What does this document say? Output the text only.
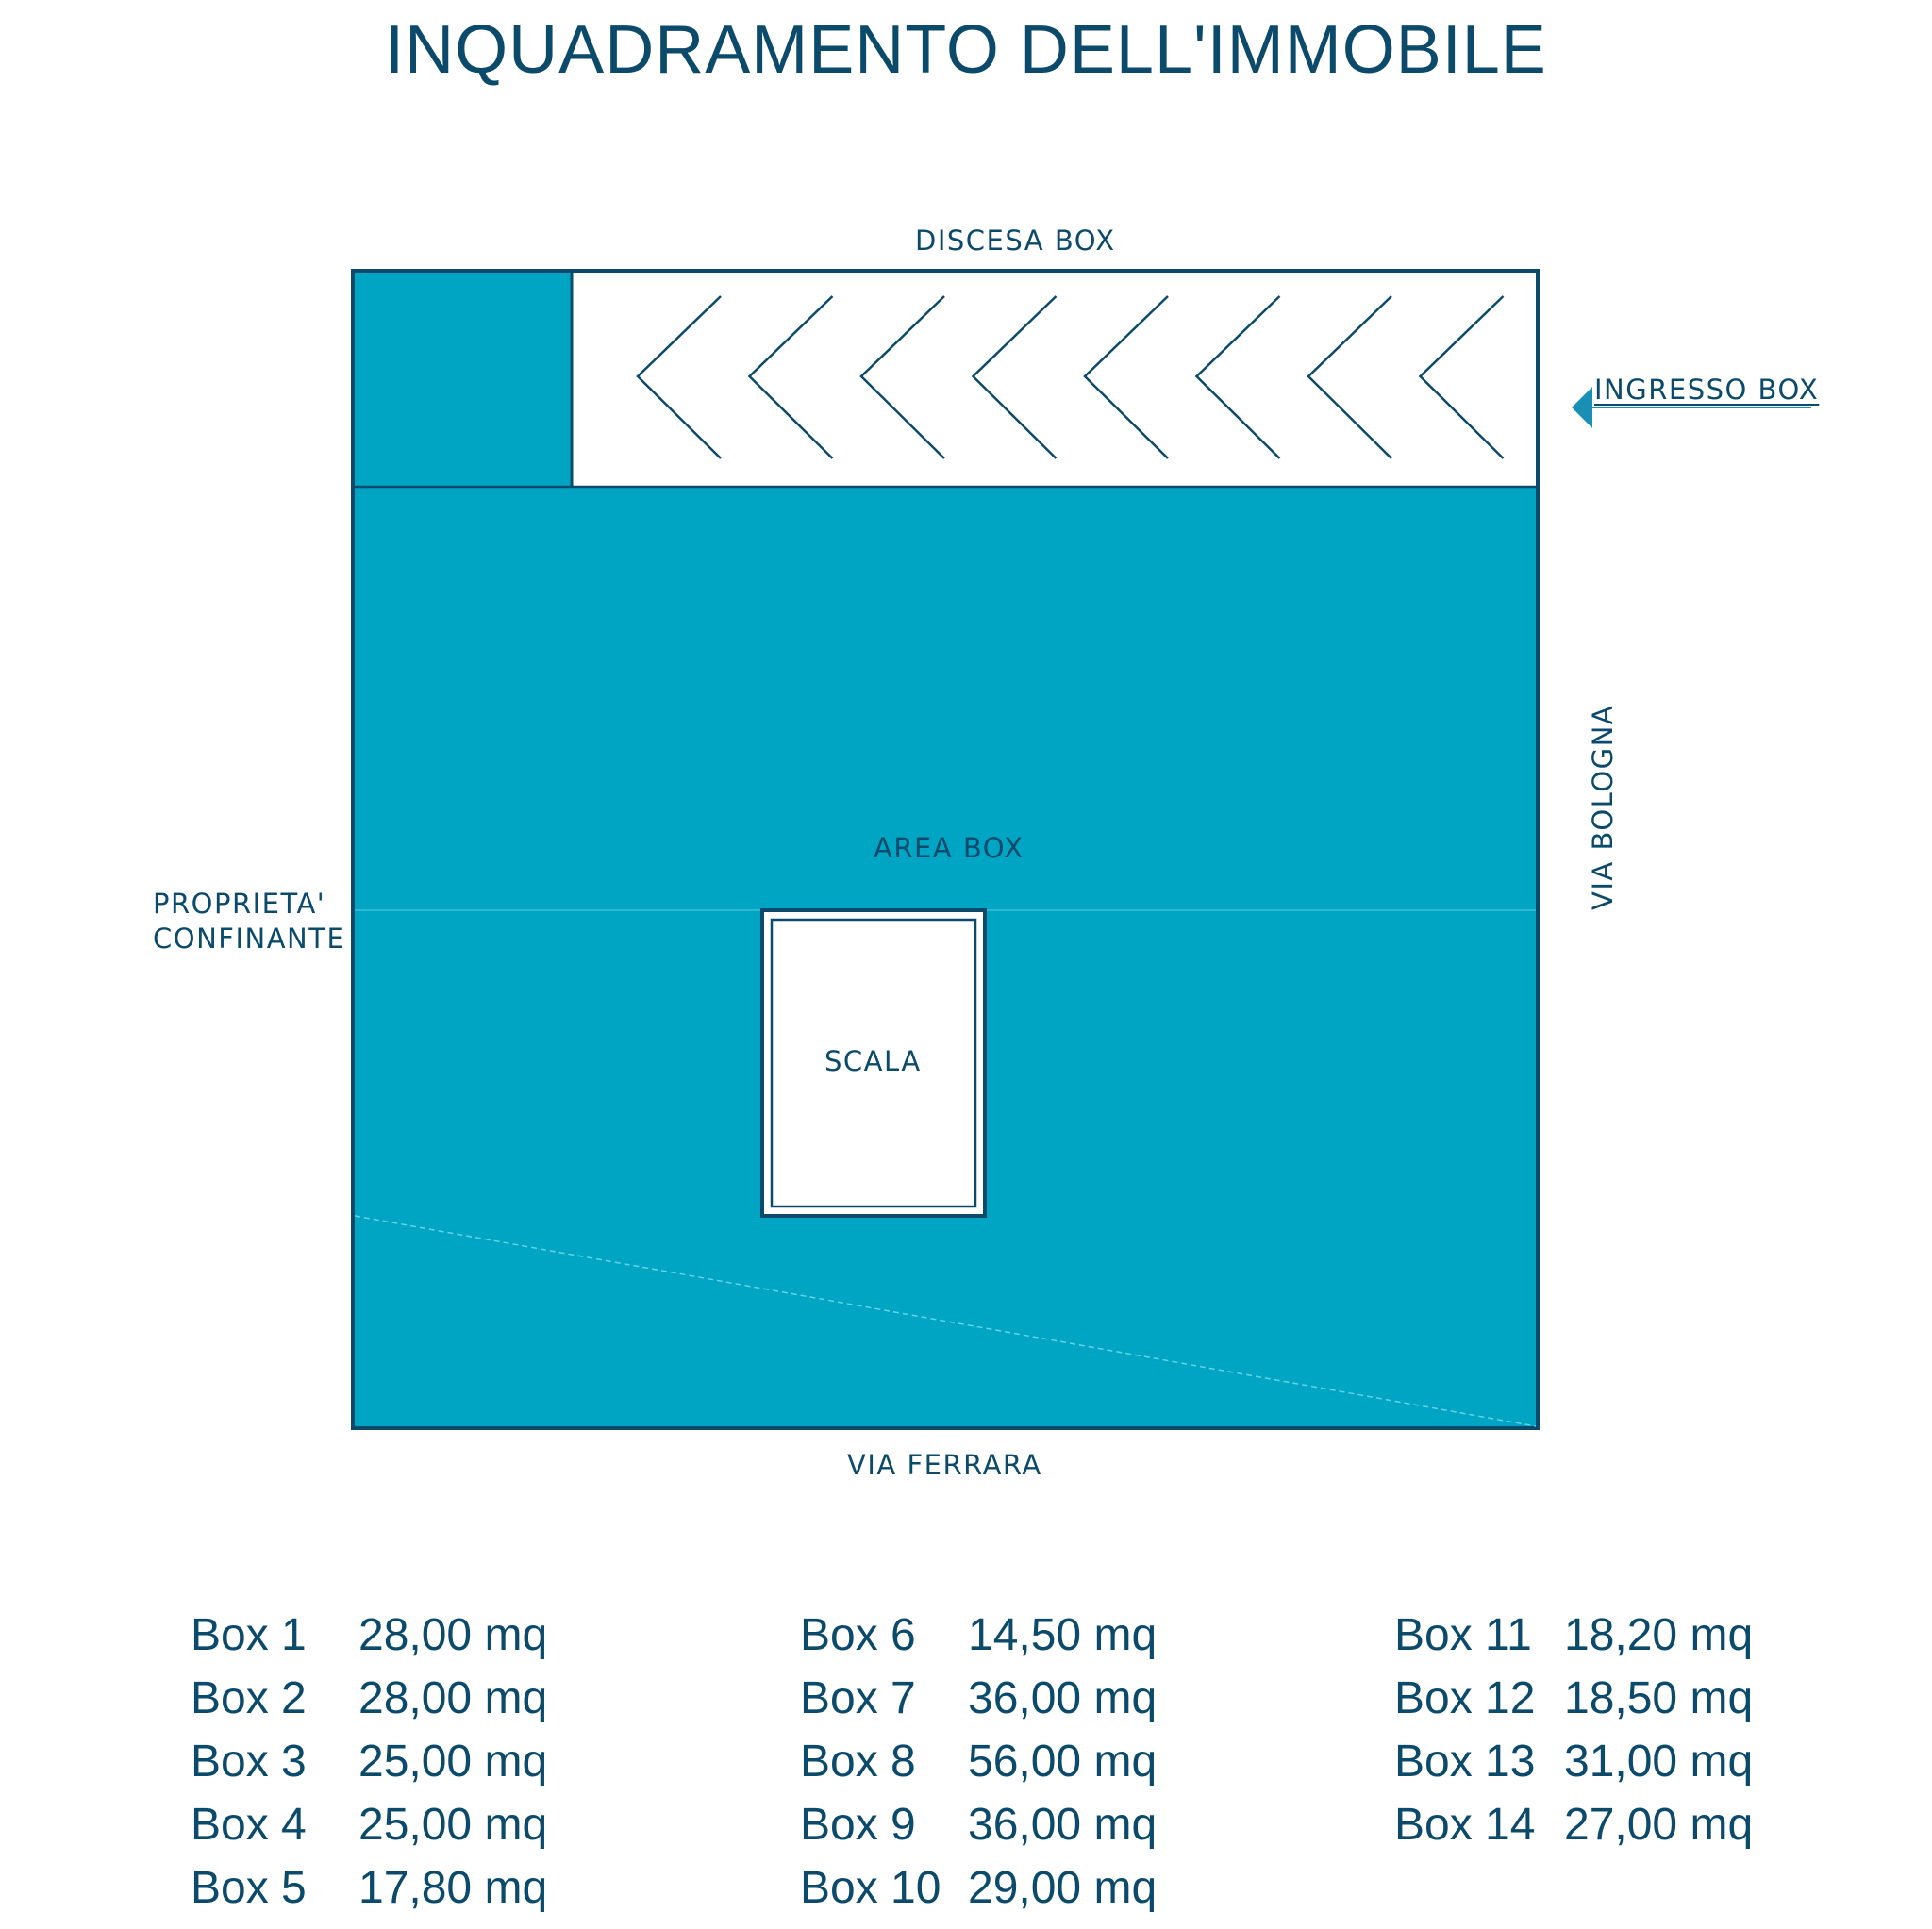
INQUADRAMENTO DELL'IMMOBILE
DISCESA BOX
INGRESSO BOX
AREA BOX
PROPRIETA'
CONFINANTE
SCALA
VIA FERRARA
VIA BOLOGNA
Box 1 28,00 mq
Box 2 28,00 mq
Box 3 25,00 mq
Box 4 25,00 mq
Box 5 17,80 mq
Box 6 14,50 mq
Box 7 36,00 mq
Box 8 56,00 mq
Box 9 36,00 mq
Box 10 29,00 mq
Box 11 18,20 mq
Box 12 18,50 mq
Box 13 31,00 mq
Box 14 27,00 mq
